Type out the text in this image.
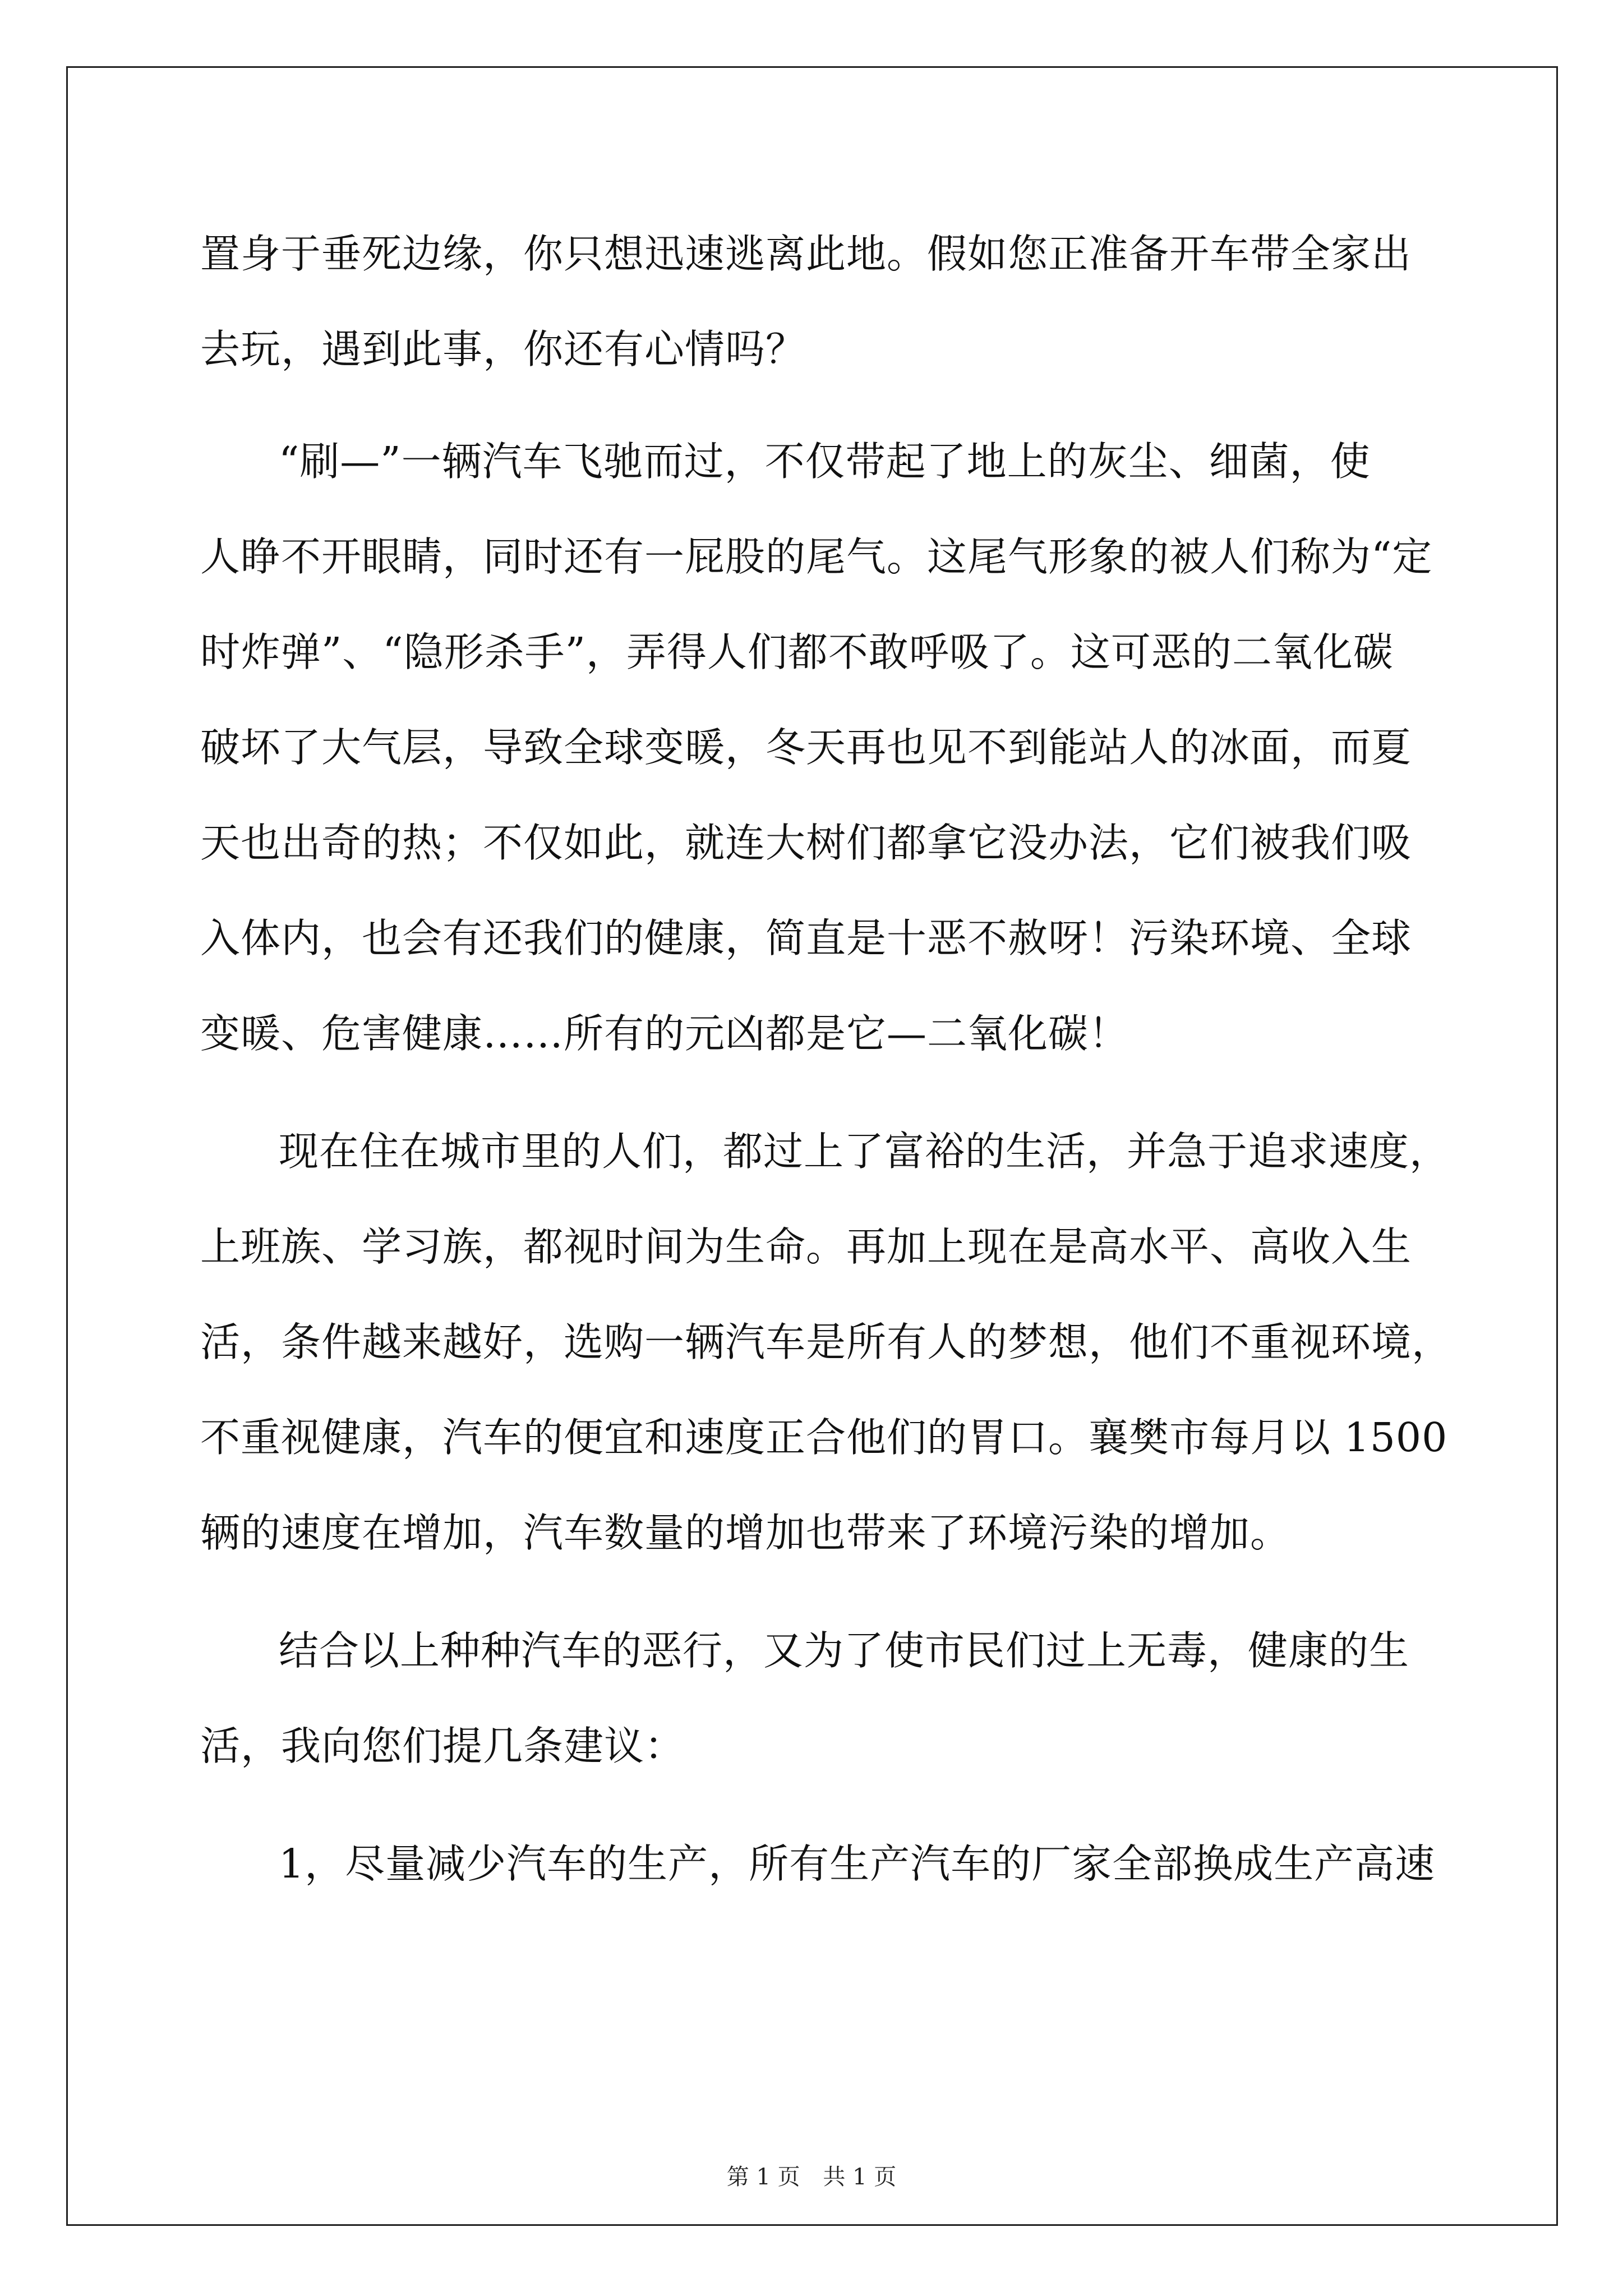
置身于垂死边缘，你只想迅速逃离此地。假如您正准备开车带全家出
去玩，遇到此事，你还有心情吗？
“刷—”一辆汽车飞驰而过，不仅带起了地上的灰尘、细菌，使
人睁不开眼睛，同时还有一屁股的尾气。这尾气形象的被人们称为“定
时炸弹”、“隐形杀手”，弄得人们都不敢呼吸了。这可恶的二氧化碳
破坏了大气层，导致全球变暖，冬天再也见不到能站人的冰面，而夏
天也出奇的热；不仅如此，就连大树们都拿它没办法，它们被我们吸
入体内，也会有还我们的健康，简直是十恶不赦呀！污染环境、全球
变暖、危害健康……所有的元凶都是它—二氧化碳！
现在住在城市里的人们，都过上了富裕的生活，并急于追求速度，
上班族、学习族，都视时间为生命。再加上现在是高水平、高收入生
活，条件越来越好，选购一辆汽车是所有人的梦想，他们不重视环境，
不重视健康，汽车的便宜和速度正合他们的胃口。襄樊市每月以 1500
辆的速度在增加，汽车数量的增加也带来了环境污染的增加。
结合以上种种汽车的恶行，又为了使市民们过上无毒，健康的生
活，我向您们提几条建议：
1，尽量减少汽车的生产，所有生产汽车的厂家全部换成生产高速
第 1 页 共 1 页
